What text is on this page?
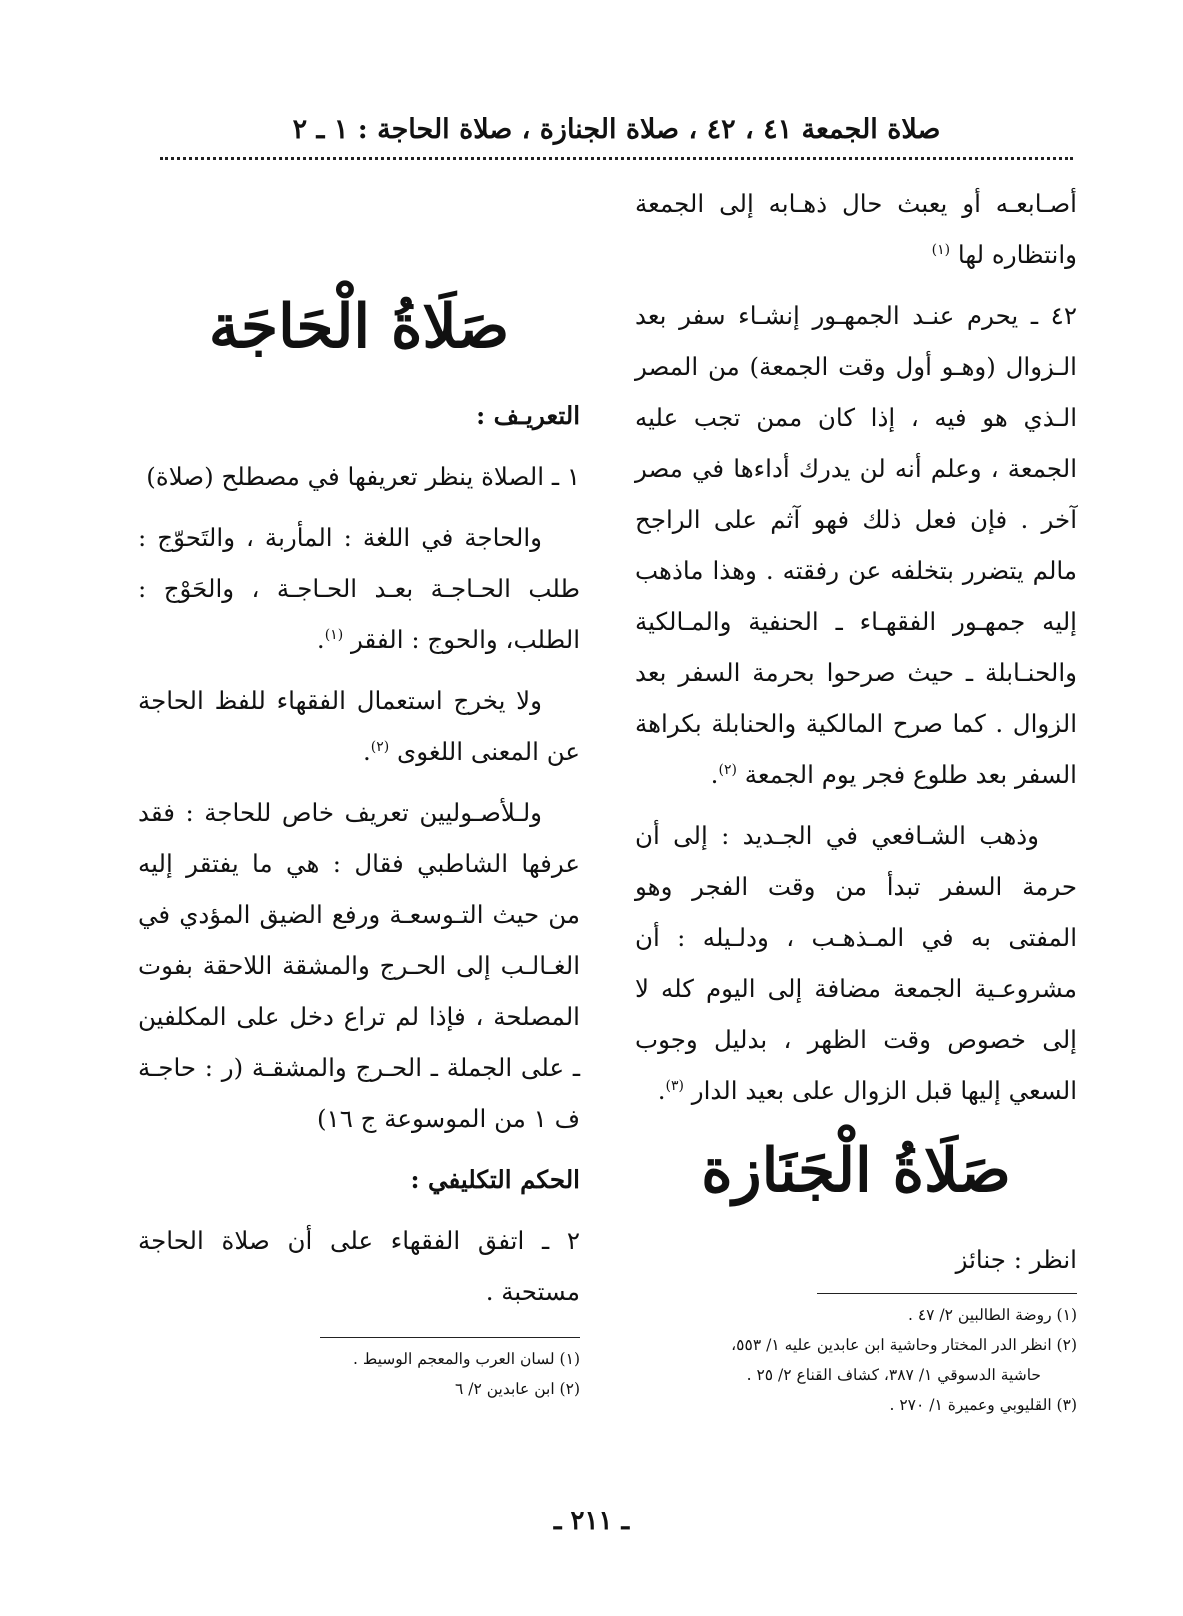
صلاة الجمعة ٤١ ، ٤٢ ، صلاة الجنازة ، صلاة الحاجة : ١ ـ ٢

أصـابعـه أو يعبث حال ذهـابه إلى الجمعة وانتظاره لها $^{(١)}$

٤٢ ـ يحرم عنـد الجمهـور إنشـاء سفر بعد الـزوال (وهـو أول وقت الجمعة) من المصر الـذي هو فيه ، إذا كان ممن تجب عليه الجمعة ، وعلم أنه لن يدرك أداءها في مصر آخر . فإن فعل ذلك فهو آثم على الراجح مالم يتضرر بتخلفه عن رفقته . وهذا ماذهب إليه جمهـور الفقهـاء ـ الحنفية والمـالكية والحنـابلة ـ حيث صرحوا بحرمة السفر بعد الزوال . كما صرح المالكية والحنابلة بكراهة السفر بعد طلوع فجر يوم الجمعة $^{(٢)}$.

وذهب الشـافعي في الجـديد : إلى أن حرمة السفر تبدأ من وقت الفجر وهو المفتى به في المـذهـب ، ودلـيله : أن مشروعـية الجمعة مضافة إلى اليوم كله لا إلى خصوص وقت الظهر ، بدليل وجوب السعي إليها قبل الزوال على بعيد الدار $^{(٣)}$.

صَلَاةُ الْجَنَازة

انظر : جنائز

(١) روضة الطالبين ٢/ ٤٧ .

(٢) انظر الدر المختار وحاشية ابن عابدين عليه ١/ ٥٥٣،

حاشية الدسوقي ١/ ٣٨٧، كشاف القناع ٢/ ٢٥ .

(٣) القليوبي وعميرة ١/ ٢٧٠ .

صَلَاةُ الْحَاجَة

التعريـف :

١ ـ الصلاة ينظر تعريفها في مصطلح (صلاة)

والحاجة في اللغة : المأربة ، والتَحوّج : طلب الحـاجـة بعـد الحـاجـة ، والحَوْج : الطلب، والحوج : الفقر $^{(١)}$.

ولا يخرج استعمال الفقهاء للفظ الحاجة عن المعنى اللغوى $^{(٢)}$.

ولـلأصـوليين تعريف خاص للحاجة : فقد عرفها الشاطبي فقال : هي ما يفتقر إليه من حيث التـوسعـة ورفع الضيق المؤدي في الغـالـب إلى الحـرج والمشقة اللاحقة بفوت المصلحة ، فإذا لم تراع دخل على المكلفين ـ على الجملة ـ الحـرج والمشقـة (ر : حاجـة ف ١ من الموسوعة ج ١٦)

الحكم التكليفي :

٢ ـ اتفق الفقهاء على أن صلاة الحاجة مستحبة .

(١) لسان العرب والمعجم الوسيط .

(٢) ابن عابدين ٢/ ٦

ـ ٢١١ ـ
